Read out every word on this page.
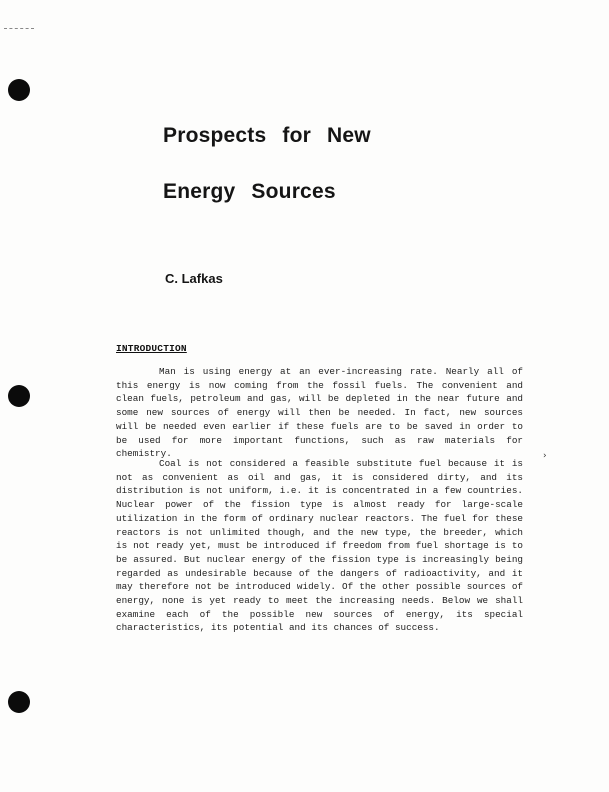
Prospects for New
Energy Sources

C. Lafkas

INTRODUCTION

Man is using energy at an ever-increasing rate. Nearly all of this energy is now coming from the fossil fuels. The convenient and clean fuels, petroleum and gas, will be depleted in the near future and some new sources of energy will then be needed. In fact, new sources will be needed even earlier if these fuels are to be saved in order to be used for more important functions, such as raw materials for chemistry.

Coal is not considered a feasible substitute fuel because it is not as convenient as oil and gas, it is considered dirty, and its distribution is not uniform, i.e. it is concentrated in a few countries. Nuclear power of the fission type is almost ready for large-scale utilization in the form of ordinary nuclear reactors. The fuel for these reactors is not unlimited though, and the new type, the breeder, which is not ready yet, must be introduced if freedom from fuel shortage is to be assured. But nuclear energy of the fission type is increasingly being regarded as undesirable because of the dangers of radioactivity, and it may therefore not be introduced widely. Of the other possible sources of energy, none is yet ready to meet the increasing needs. Below we shall examine each of the possible new sources of energy, its special characteristics, its potential and its chances of success.

›
